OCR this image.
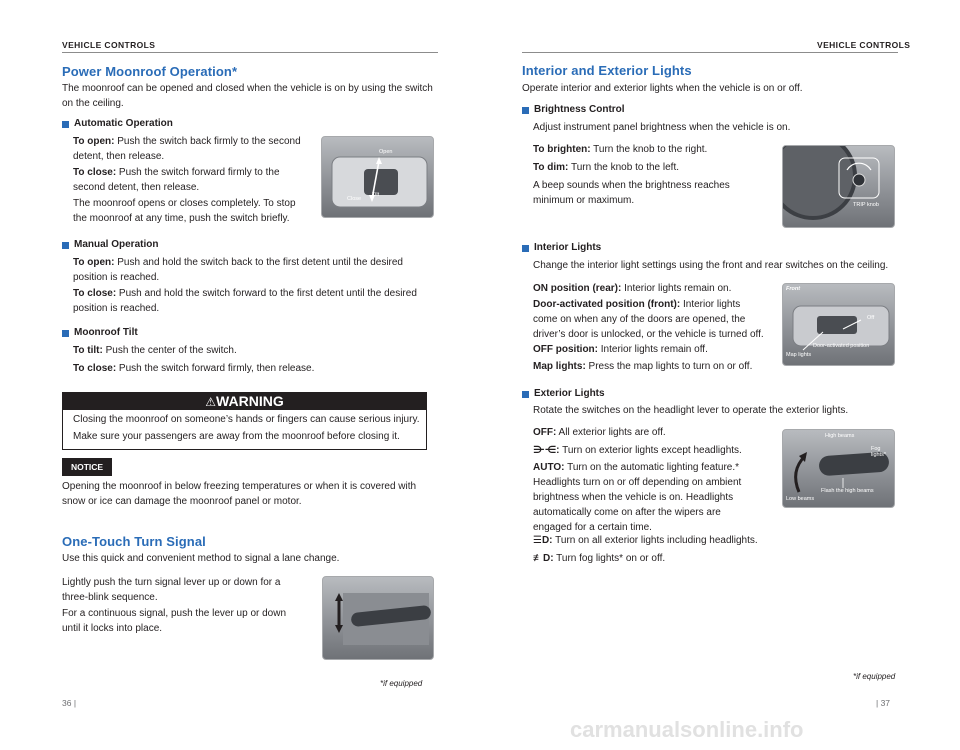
VEHICLE CONTROLS
Power Moonroof Operation*
The moonroof can be opened and closed when the vehicle is on by using the switch on the ceiling.
Automatic Operation
To open: Push the switch back firmly to the second detent, then release.
To close: Push the switch forward firmly to the second detent, then release.
The moonroof opens or closes completely. To stop the moonroof at any time, push the switch briefly.
Open
Close
Tilt
Manual Operation
To open: Push and hold the switch back to the first detent until the desired position is reached.
To close: Push and hold the switch forward to the first detent until the desired position is reached.
Moonroof Tilt
To tilt: Push the center of the switch.
To close: Push the switch forward firmly, then release.
⚠WARNING
Closing the moonroof on someone’s hands or fingers can cause serious injury.
Make sure your passengers are away from the moonroof before closing it.
NOTICE
Opening the moonroof in below freezing temperatures or when it is covered with snow or ice can damage the moonroof panel or motor.
One-Touch Turn Signal
Use this quick and convenient method to signal a lane change.
Lightly push the turn signal lever up or down for a three-blink sequence.
For a continuous signal, push the lever up or down until it locks into place.
*if equipped
36 |
VEHICLE CONTROLS
Interior and Exterior Lights
Operate interior and exterior lights when the vehicle is on or off.
Brightness Control
Adjust instrument panel brightness when the vehicle is on.
To brighten: Turn the knob to the right.
To dim: Turn the knob to the left.
A beep sounds when the brightness reaches minimum or maximum.	TRIP knob
Interior Lights
Change the interior light settings using the front and rear switches on the ceiling.
ON position (rear): Interior lights remain on.
Door-activated position (front): Interior lights come on when any of the doors are opened, the driver’s door is unlocked, or the vehicle is turned off.
OFF position: Interior lights remain off.
Map lights: Press the map lights to turn on or off.
Front
Off
Door-activated position
Map lights
Exterior Lights
Rotate the switches on the headlight lever to operate the exterior lights.
OFF: All exterior lights are off.
⋺⋲: Turn on exterior lights except headlights.
AUTO: Turn on the automatic lighting feature.* Headlights turn on or off depending on ambient brightness when the vehicle is on. Headlights automatically come on after the wipers are engaged for a certain time.
☰D: Turn on all exterior lights including headlights.
≢D: Turn fog lights* on or off.
High beams
Fog lights*
Flash the high beams
Low beams
*if equipped
| 37
carmanualsonline.info
